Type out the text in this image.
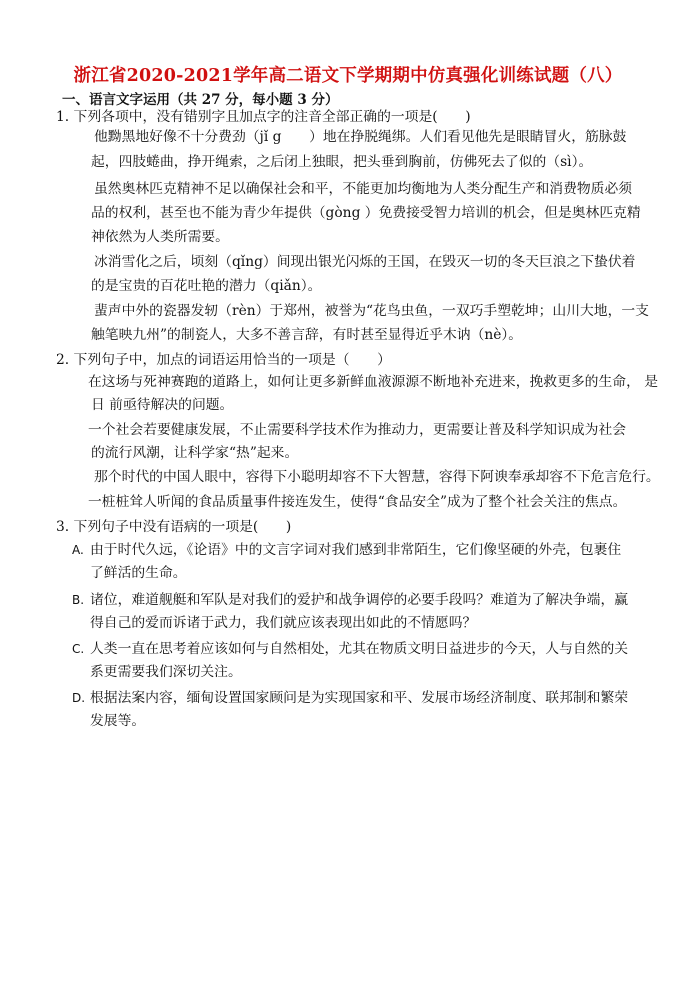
浙江省2020-2021学年高二语文下学期期中仿真强化训练试题（八）
一、语言文字运用（共 27 分，每小题 3 分）
1. 下列各项中，没有错别字且加点字的注音全部正确的一项是(　　)
他黝黑地好像不十分费劲（jǐ g　　）地在挣脱绳绑。人们看见他先是眼睛冒火，筋脉鼓
起，四肢蜷曲，挣开绳索，之后闭上独眼，把头垂到胸前，仿佛死去了似的（sì）。
虽然奥林匹克精神不足以确保社会和平，不能更加均衡地为人类分配生产和消费物质必须
品的权利，甚至也不能为青少年提供（gòng ）免费接受智力培训的机会，但是奥林匹克精
神依然为人类所需要。
冰消雪化之后，顷刻（qǐng）间现出银光闪烁的王国，在毁灭一切的冬天巨浪之下蛰伏着
的是宝贵的百花吐艳的潜力（qiǎn）。
蜚声中外的瓷器发轫（rèn）于郑州，被誉为“花鸟虫鱼，一双巧手塑乾坤；山川大地，一支
触笔映九州”的制瓷人，大多不善言辞，有时甚至显得近乎木讷（nè）。
2. 下列句子中，加点的词语运用恰当的一项是（　　）
在这场与死神赛跑的道路上，如何让更多新鲜血液源源不断地补充进来，挽救更多的生命， 是
日 前亟待解决的问题。
一个社会若要健康发展，不止需要科学技术作为推动力，更需要让普及科学知识成为社会
的流行风潮，让科学家“热”起来。
那个时代的中国人眼中，容得下小聪明却容不下大智慧，容得下阿谀奉承却容不下危言危行。
一桩桩耸人听闻的食品质量事件接连发生，使得“食品安全”成为了整个社会关注的焦点。
3. 下列句子中没有语病的一项是(　　)
A. 由于时代久远，《论语》中的文言字词对我们感到非常陌生，它们像坚硬的外壳，包裹住
了鲜活的生命。
B. 诸位，难道舰艇和军队是对我们的爱护和战争调停的必要手段吗？难道为了解决争端，赢
得自己的爱而诉诸于武力，我们就应该表现出如此的不情愿吗？
C. 人类一直在思考着应该如何与自然相处，尤其在物质文明日益进步的今天，人与自然的关
系更需要我们深切关注。
D. 根据法案内容，缅甸设置国家顾问是为实现国家和平、发展市场经济制度、联邦制和繁荣
发展等。
